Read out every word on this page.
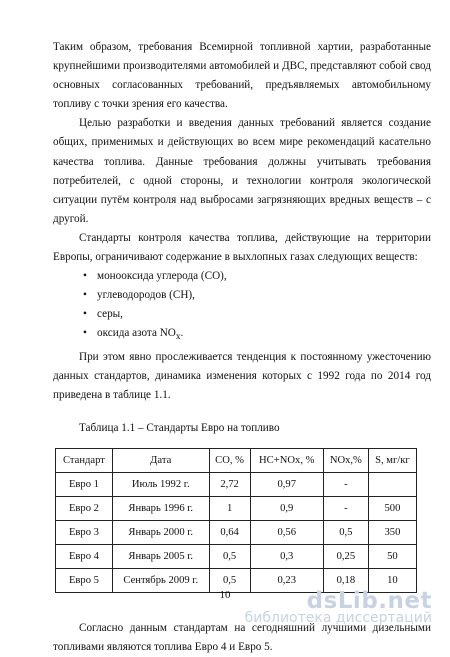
Таким образом, требования Всемирной топливной хартии, разработанные крупнейшими производителями автомобилей и ДВС, представляют собой свод основных согласованных требований, предъявляемых автомобильному топливу с точки зрения его качества.

Целью разработки и введения данных требований является создание общих, применимых и действующих во всем мире рекомендаций касательно качества топлива. Данные требования должны учитывать требования потребителей, с одной стороны, и технологии контроля экологической ситуации путём контроля над выбросами загрязняющих вредных веществ – с другой.

Стандарты контроля качества топлива, действующие на территории Европы, ограничивают содержание в выхлопных газах следующих веществ:

• монооксида углерода (СО),
• углеводородов (СН),
• серы,
• оксида азота $NO_x$.

При этом явно прослеживается тенденция к постоянному ужесточению данных стандартов, динамика изменения которых с 1992 года по 2014 год приведена в таблице 1.1.

Таблица 1.1 – Стандарты Евро на топливо
Стандарт	Дата	CO, %	HC+NOx, %	NOx,%	S, мг/кг
Евро 1	Июль 1992 г.	2,72	0,97	-	
Евро 2	Январь 1996 г.	1	0,9	-	500
Евро 3	Январь 2000 г.	0,64	0,56	0,5	350
Евро 4	Январь 2005 г.	0,5	0,3	0,25	50
Евро 5	Сентябрь 2009 г.	0,5	0,23	0,18	10

Согласно данным стандартам на сегодняшний лучшими дизельными топливами являются топлива Евро 4 и Евро 5.

10	dsLib.net
библиотека диссертаций
